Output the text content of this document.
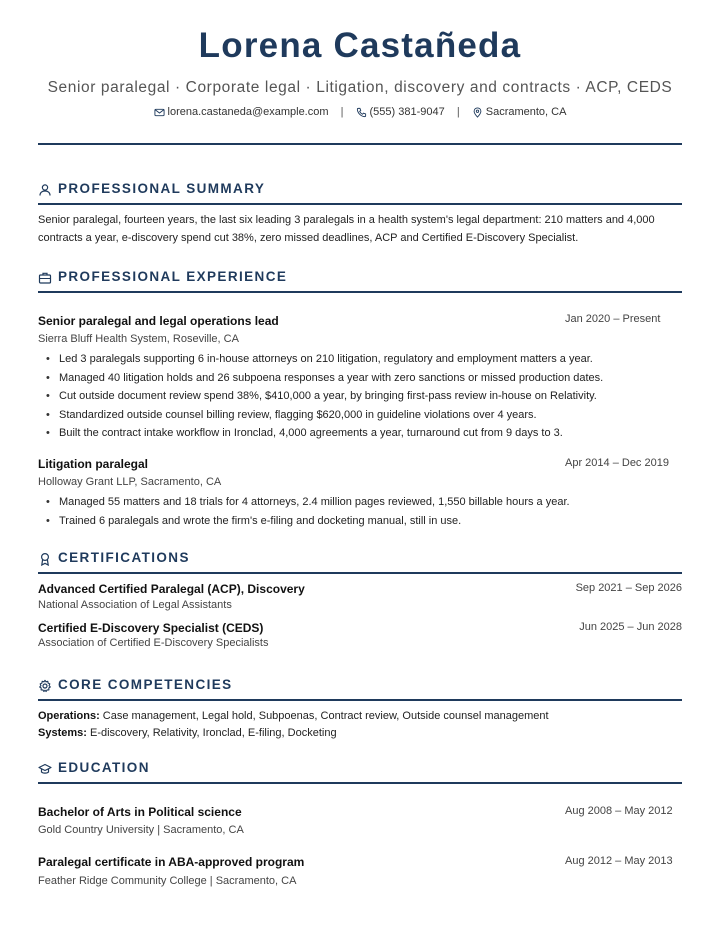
Lorena Castañeda
Senior paralegal · Corporate legal · Litigation, discovery and contracts · ACP, CEDS
lorena.castaneda@example.com | (555) 381-9047 | Sacramento, CA
PROFESSIONAL SUMMARY
Senior paralegal, fourteen years, the last six leading 3 paralegals in a health system's legal department: 210 matters and 4,000 contracts a year, e-discovery spend cut 38%, zero missed deadlines, ACP and Certified E-Discovery Specialist.
PROFESSIONAL EXPERIENCE
Senior paralegal and legal operations lead	Jan 2020 – Present
Sierra Bluff Health System, Roseville, CA
• Led 3 paralegals supporting 6 in-house attorneys on 210 litigation, regulatory and employment matters a year.
• Managed 40 litigation holds and 26 subpoena responses a year with zero sanctions or missed production dates.
• Cut outside document review spend 38%, $410,000 a year, by bringing first-pass review in-house on Relativity.
• Standardized outside counsel billing review, flagging $620,000 in guideline violations over 4 years.
• Built the contract intake workflow in Ironclad, 4,000 agreements a year, turnaround cut from 9 days to 3.
Litigation paralegal	Apr 2014 – Dec 2019
Holloway Grant LLP, Sacramento, CA
• Managed 55 matters and 18 trials for 4 attorneys, 2.4 million pages reviewed, 1,550 billable hours a year.
• Trained 6 paralegals and wrote the firm's e-filing and docketing manual, still in use.
CERTIFICATIONS
Advanced Certified Paralegal (ACP), Discovery	Sep 2021 – Sep 2026
National Association of Legal Assistants
Certified E-Discovery Specialist (CEDS)	Jun 2025 – Jun 2028
Association of Certified E-Discovery Specialists
CORE COMPETENCIES
Operations: Case management, Legal hold, Subpoenas, Contract review, Outside counsel management
Systems: E-discovery, Relativity, Ironclad, E-filing, Docketing
EDUCATION
Bachelor of Arts in Political science	Aug 2008 – May 2012
Gold Country University | Sacramento, CA
Paralegal certificate in ABA-approved program	Aug 2012 – May 2013
Feather Ridge Community College | Sacramento, CA
